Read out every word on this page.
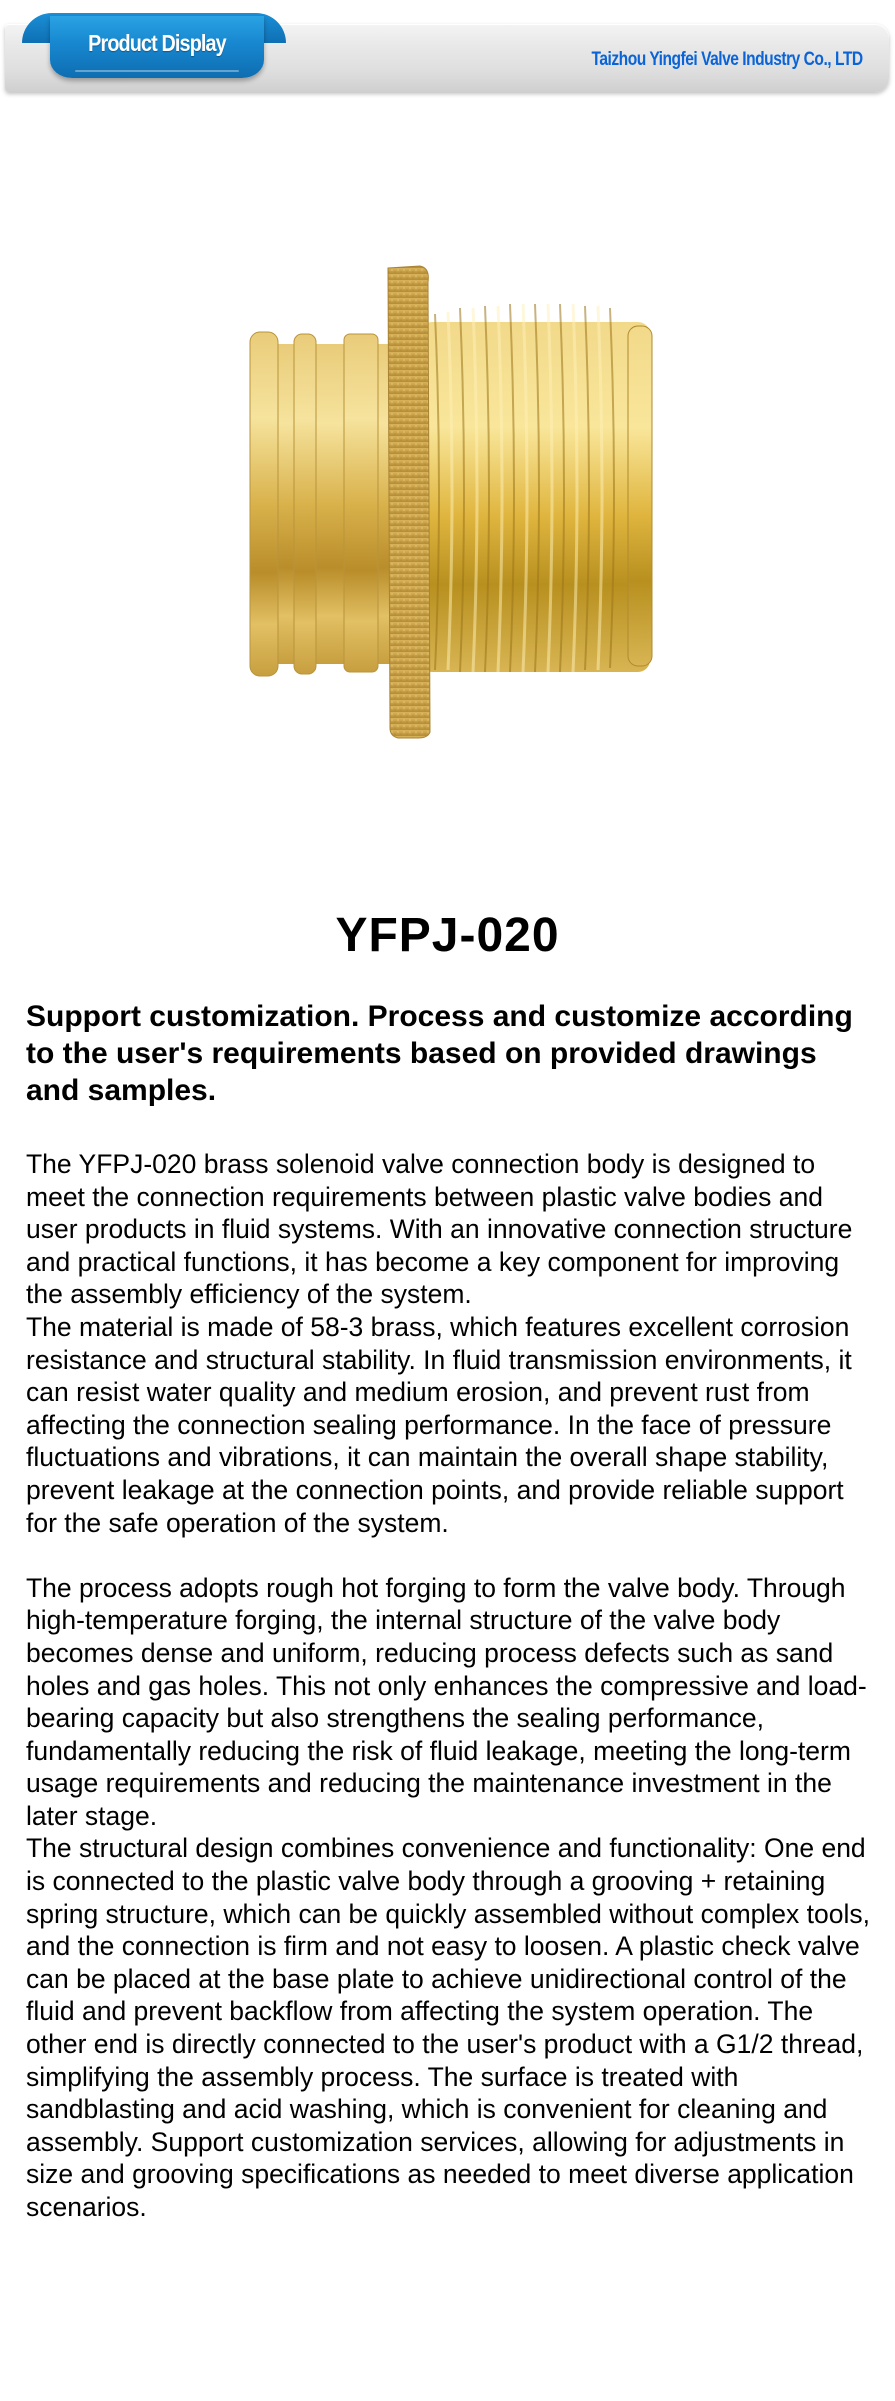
Product Display
Taizhou Yingfei Valve Industry Co., LTD
YFPJ-020
Support customization. Process and customize according to the user's requirements based on provided drawings and samples.

The YFPJ-020 brass solenoid valve connection body is designed to meet the connection requirements between plastic valve bodies and user products in fluid systems. With an innovative connection structure and practical functions, it has become a key component for improving the assembly efficiency of the system.

The material is made of 58-3 brass, which features excellent corrosion resistance and structural stability. In fluid transmission environments, it can resist water quality and medium erosion, and prevent rust from affecting the connection sealing performance. In the face of pressure fluctuations and vibrations, it can maintain the overall shape stability, prevent leakage at the connection points, and provide reliable support for the safe operation of the system.

The process adopts rough hot forging to form the valve body. Through high-temperature forging, the internal structure of the valve body becomes dense and uniform, reducing process defects such as sand holes and gas holes. This not only enhances the compressive and load-bearing capacity but also strengthens the sealing performance, fundamentally reducing the risk of fluid leakage, meeting the long-term usage requirements and reducing the maintenance investment in the later stage.

The structural design combines convenience and functionality: One end is connected to the plastic valve body through a grooving + retaining spring structure, which can be quickly assembled without complex tools, and the connection is firm and not easy to loosen. A plastic check valve can be placed at the base plate to achieve unidirectional control of the fluid and prevent backflow from affecting the system operation. The other end is directly connected to the user's product with a G1/2 thread, simplifying the assembly process. The surface is treated with sandblasting and acid washing, which is convenient for cleaning and assembly. Support customization services, allowing for adjustments in size and grooving specifications as needed to meet diverse application scenarios.
